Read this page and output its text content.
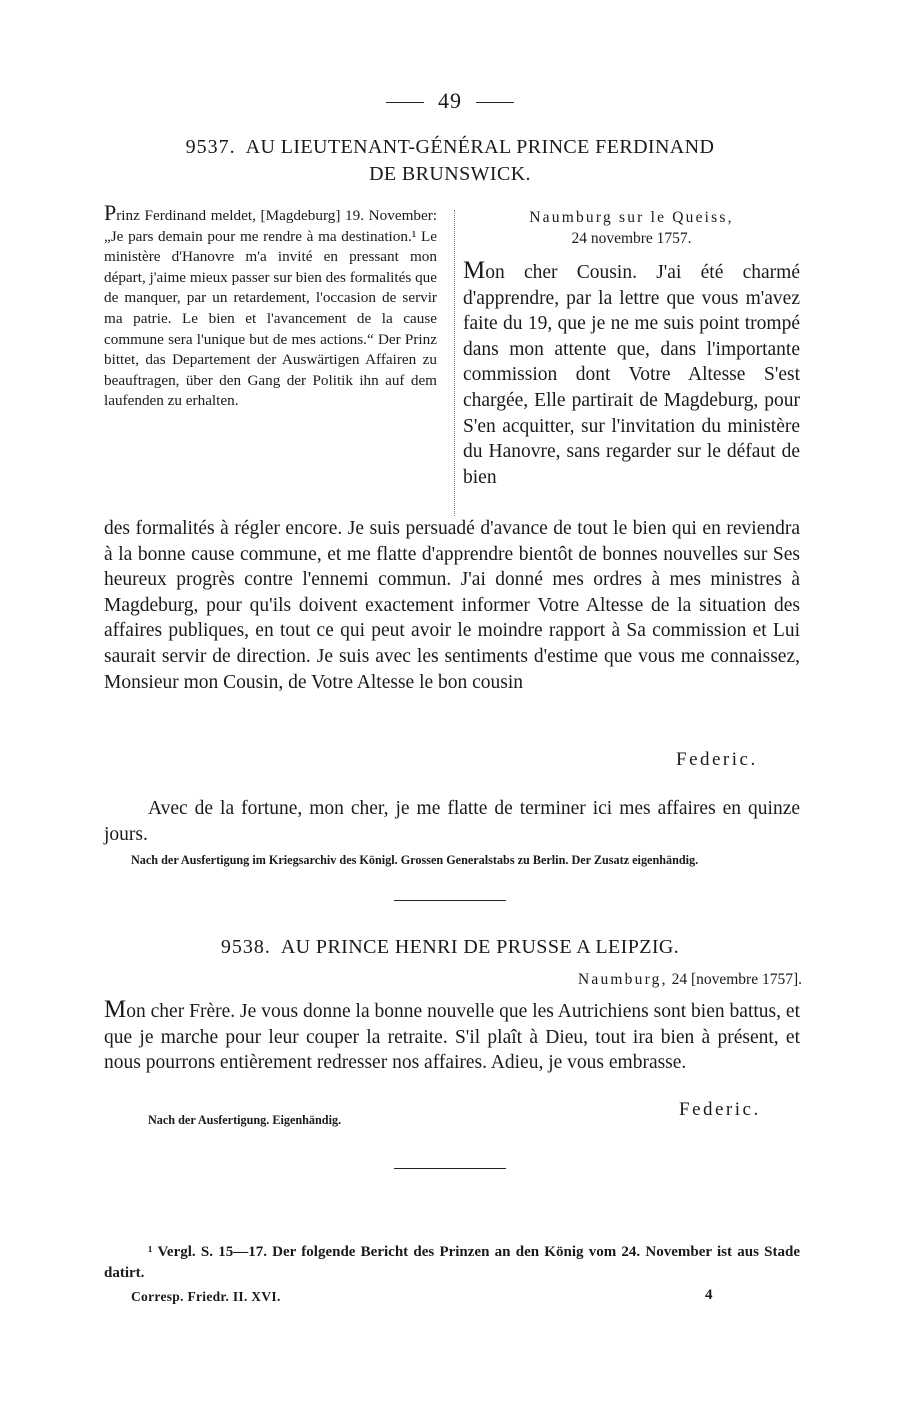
49
9537. AU LIEUTENANT-GÉNÉRAL PRINCE FERDINAND
DE BRUNSWICK.
Prinz Ferdinand meldet, [Magdeburg] 19. November: „Je pars demain pour me rendre à ma destination.¹ Le ministère d'Hanovre m'a invité en pressant mon départ, j'aime mieux passer sur bien des formalités que de manquer, par un retardement, l'occasion de servir ma patrie. Le bien et l'avancement de la cause commune sera l'unique but de mes actions.“ Der Prinz bittet, das Departement der Auswärtigen Affairen zu beauftragen, über den Gang der Politik ihn auf dem laufenden zu erhalten.
Naumburg sur le Queiss,
24 novembre 1757.
Mon cher Cousin. J'ai été charmé d'apprendre, par la lettre que vous m'avez faite du 19, que je ne me suis point trompé dans mon attente que, dans l'importante commission dont Votre Altesse S'est chargée, Elle partirait de Magdeburg, pour S'en acquitter, sur l'invitation du ministère du Hanovre, sans regarder sur le défaut de bien
des formalités à régler encore. Je suis persuadé d'avance de tout le bien qui en reviendra à la bonne cause commune, et me flatte d'apprendre bientôt de bonnes nouvelles sur Ses heureux progrès contre l'ennemi commun. J'ai donné mes ordres à mes ministres à Magdeburg, pour qu'ils doivent exactement informer Votre Altesse de la situation des affaires publiques, en tout ce qui peut avoir le moindre rapport à Sa commission et Lui saurait servir de direction. Je suis avec les sentiments d'estime que vous me connaissez, Monsieur mon Cousin, de Votre Altesse le bon cousin
Federic.
Avec de la fortune, mon cher, je me flatte de terminer ici mes affaires en quinze jours.
Nach der Ausfertigung im Kriegsarchiv des Königl. Grossen Generalstabs zu Berlin. Der Zusatz eigenhändig.
9538. AU PRINCE HENRI DE PRUSSE A LEIPZIG.
Naumburg, 24 [novembre 1757].
Mon cher Frère. Je vous donne la bonne nouvelle que les Autrichiens sont bien battus, et que je marche pour leur couper la retraite. S'il plaît à Dieu, tout ira bien à présent, et nous pourrons entièrement redresser nos affaires. Adieu, je vous embrasse.
Nach der Ausfertigung. Eigenhändig.	Federic.
¹ Vergl. S. 15—17. Der folgende Bericht des Prinzen an den König vom 24. November ist aus Stade datirt.
Corresp. Friedr. II. XVI.	4
